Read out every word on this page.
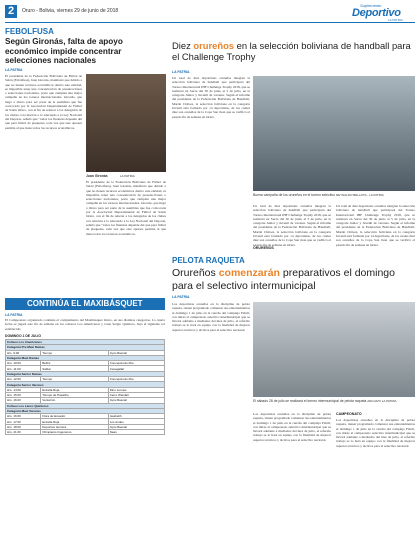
2	Oruro - Bolivia, viernes 29 de junio de 2018
Suplemento
Deportivo
LA PATRIA
FEBOLFUSA
Según Gironás, falta de apoyo económico impide concentrar selecciones nacionales
LA PATRIA
El presidente de la Federación Boliviana de Fútbol de Salón (Febolfusa), Juan Gironás, manifestó que debido a que no tienen recursos económicos dentro este entidad, es imposible tener una concentración de preselecciones o selecciones nacionales, porte que cumplan una mejor campaña en los torneos internacionales. Gironás, que llegó a Oruro para ser parte de la asamblea que fue convocada por la Asociación Departamental de Fútbol de Salón Oruro, con el fin de reiterar a los delegados de los clubes con relación a lo adecuado a la Ley Nacional del Deporte, señaló que "todos los finanzas depende del que para fútbol de pisquetes, toda vez que este apreses permite al que tiene todos los recursos económicos.
Juan Gironás	LA PATRIA
El presidente de la Federación Boliviana de Fútbol de Salón (Febolfusa), Juan Gironás, manifestó que debido a que no tienen recursos económicos dentro este entidad, es imposible tener una concentración de preselecciones o selecciones nacionales, porte que cumplan una mejor campaña en los torneos internacionales. Gironás, que llegó a Oruro para ser parte de la asamblea que fue convocada por la Asociación Departamental de Fútbol de Salón Oruro, con el fin de reiterar a los delegados de los clubes con relación a lo adecuado a la Ley Nacional del Deporte, señaló que "todos los finanzas depende del que para fútbol de pisquetes, toda vez que este apreses permite al que tiene todos los recursos económicos.
CONTINÚA EL MAXIBÁSQUET
LA PATRIA
El Campeonato organizado continúa el complemento del Maxibásquet Oruro, en sus distintas categorías. La cuarta fecha se jugará este fin de semana en los coliseos Los Americanos y Gran Sergio Quintero, bajo el siguiente rol establecido:
DOMINGO 1 DE JULIO
Coliseo Los Americanos		
Categoría Pre Maxi Damas		
Hrs. 9:00	Tiempo	Ayra Mascari
Categoría Maxi Damas		
Hrs. 10:00	Bellini	Concepcionis Alto
Hrs. 11:00	Saltiar	Cesagaltal
Categoría Senior Damas		
Hrs. 12:00	Tiempo	Concepcionis Alto
Categoría Senior Varones		
Hrs. 14:00	Estrella Roja	Dino Leones
Hrs. 15:00	Tiempo de Pasacho	Cerro Wiesfall
Hrs. 16:00	Ventarrón	Ayra Mascari
Coliseo Los Lanzo Quinteros		
Categoría Maxi Varones		
Hrs. 16:00	Flora de Ecuador	Gasbelth
Hrs. 17:00	Estrella Roja	Los Andes
Hrs. 18:00	Deportivo Herrera	Ayra Mascari
Hrs. 21:00	Olimpiaros Ingenieros	Neas
Diez orureños en la selección boliviana de handball para el Challenge Trophy
LA PATRIA
Un total de diez deportistas orureños integran la selección boliviana de handball que participará del Torneo Internacional IHF Challenge Trophy 2018, que se realizará en Sucre del 30 de junio al 5 de julio, en la categoría Junior y Juvenil de varones. Según el informe del presidente de la Federación Boliviana de Handball, Martín Chávez, la selección boliviana en la categoría Juvenil está formada por 14 deportistas, de los cuales diez son orureños de la Copa San Juan que se verificó el pasado fin de semana en Oruro.
Buena campaña de los orureños en el torneo selectivo REYNALDO BELLOTA - LA PATRIA
Un total de diez deportistas orureños integran la selección boliviana de handball que participará del Torneo Internacional IHF Challenge Trophy 2018, que se realizará en Sucre del 30 de junio al 5 de julio, en la categoría Junior y Juvenil de varones. Según el informe del presidente de la Federación Boliviana de Handball, Martín Chávez, la selección boliviana en la categoría Juvenil está formada por 14 deportistas, de los cuales diez son orureños de la Copa San Juan que se verificó el pasado fin de semana en Oruro.
ORUREÑOS
Un total de diez deportistas orureños integran la selección boliviana de handball que participará del Torneo Internacional IHF Challenge Trophy 2018, que se realizará en Sucre del 30 de junio al 5 de julio, en la categoría Junior y Juvenil de varones. Según el informe del presidente de la Federación Boliviana de Handball, Martín Chávez, la selección boliviana en la categoría Juvenil está formada por 14 deportistas, de los cuales diez son orureños de la Copa San Juan que se verificó el pasado fin de semana en Oruro.
PELOTA RAQUETA
Orureños comenzarán preparativos el domingo para el selectivo intermunicipal
LA PATRIA
Los deportistas orureños en la disciplina de pelota raqueta, tienen programado comenzar sus entrenamientos el domingo 1 de julio en la cancha del complejo Fabril, con miras al campeonato selectivo intermunicipal que se llevará adelante a mediados del mes de julio, el referido trabajo se lo hará en equipo con la finalidad de mejorar aspectos técnicos y tácticos para el selectivo nacional.
El sábado 28 de julio se realizará el torneo intermunicipal de pelota raqueta ARCHIVO LA PATRIA
Los deportistas orureños en la disciplina de pelota raqueta, tienen programado comenzar sus entrenamientos el domingo 1 de julio en la cancha del complejo Fabril, con miras al campeonato selectivo intermunicipal que se llevará adelante a mediados del mes de julio, el referido trabajo se lo hará en equipo con la finalidad de mejorar aspectos técnicos y tácticos para el selectivo nacional.
CAMPEONATO
Los deportistas orureños en la disciplina de pelota raqueta, tienen programado comenzar sus entrenamientos el domingo 1 de julio en la cancha del complejo Fabril, con miras al campeonato selectivo intermunicipal que se llevará adelante a mediados del mes de julio, el referido trabajo se lo hará en equipo con la finalidad de mejorar aspectos técnicos y tácticos para el selectivo nacional.
